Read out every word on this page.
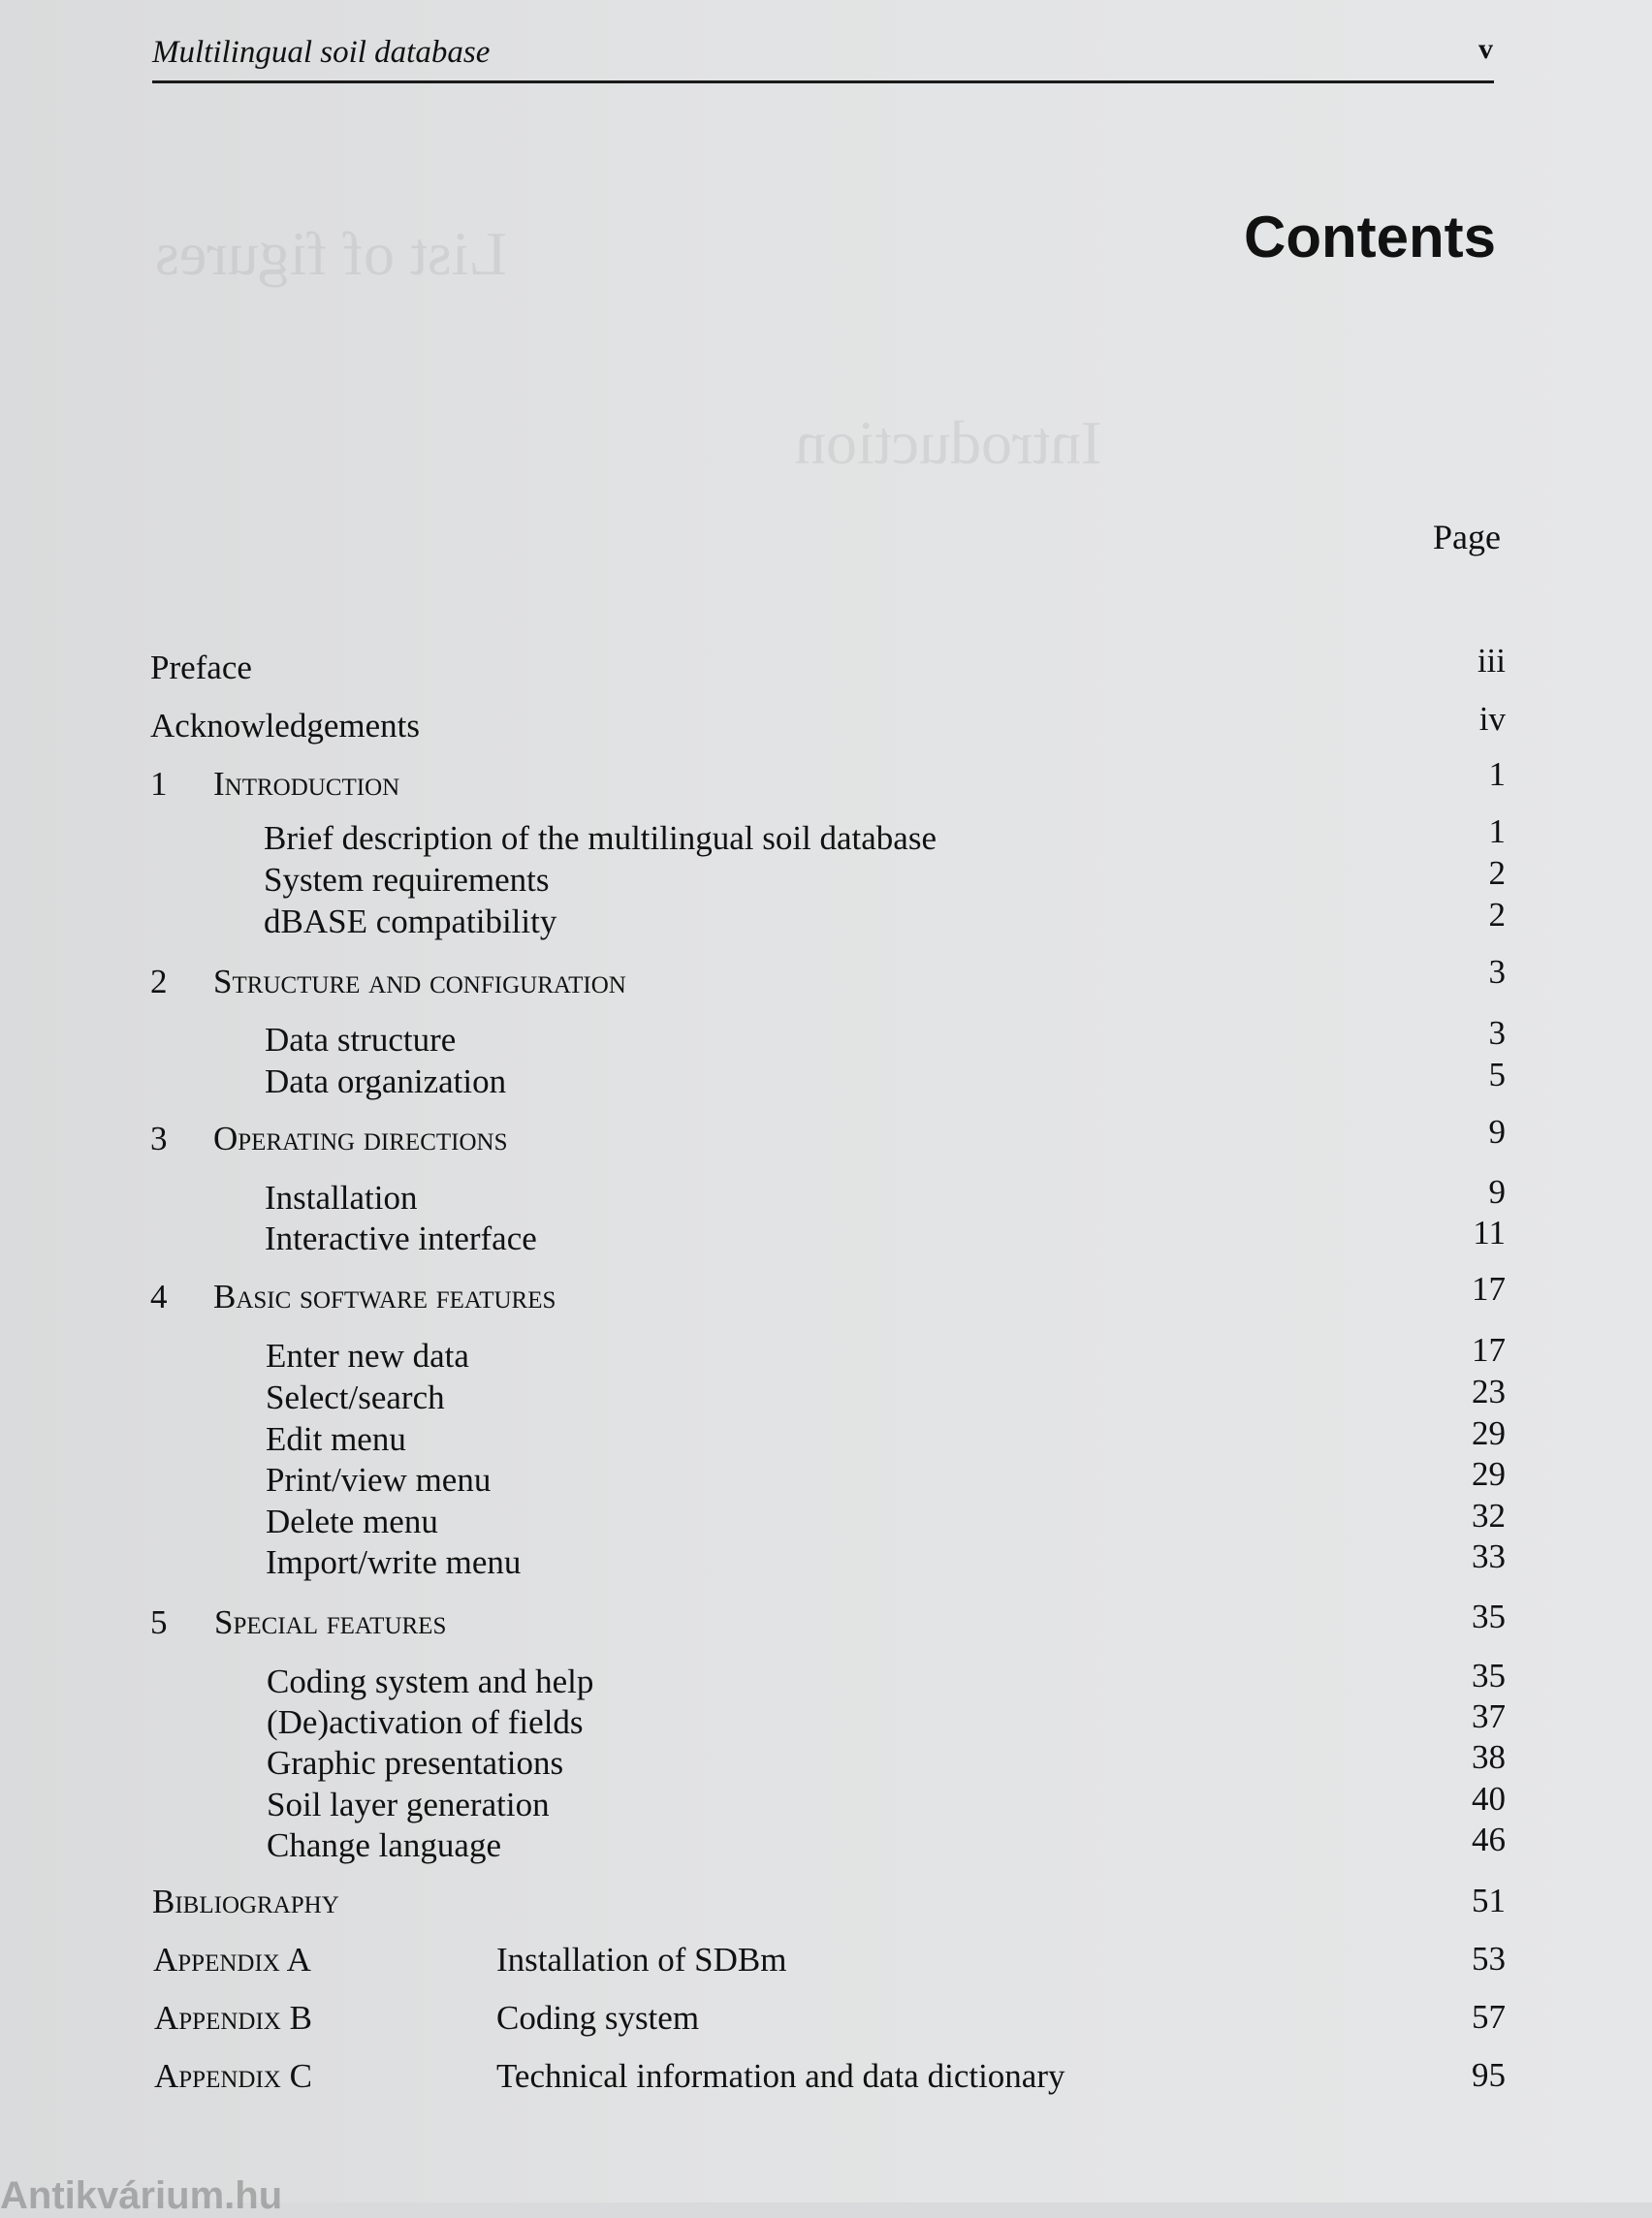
List of figures
Introduction
Multilingual soil database	v
Contents
Page
Preface	iii
Acknowledgements	iv
1 Introduction	1
Brief description of the multilingual soil database	1
System requirements	2
dBASE compatibility	2
2 Structure and configuration	3
Data structure	3
Data organization	5
3 Operating directions	9
Installation	9
Interactive interface	11
4 Basic software features	17
Enter new data	17
Select/search	23
Edit menu	29
Print/view menu	29
Delete menu	32
Import/write menu	33
5 Special features	35
Coding system and help	35
(De)activation of fields	37
Graphic presentations	38
Soil layer generation	40
Change language	46
Bibliography	51
Appendix A	Installation of SDBm	53
Appendix B	Coding system	57
Appendix C	Technical information and data dictionary	95
Antikvárium.hu
